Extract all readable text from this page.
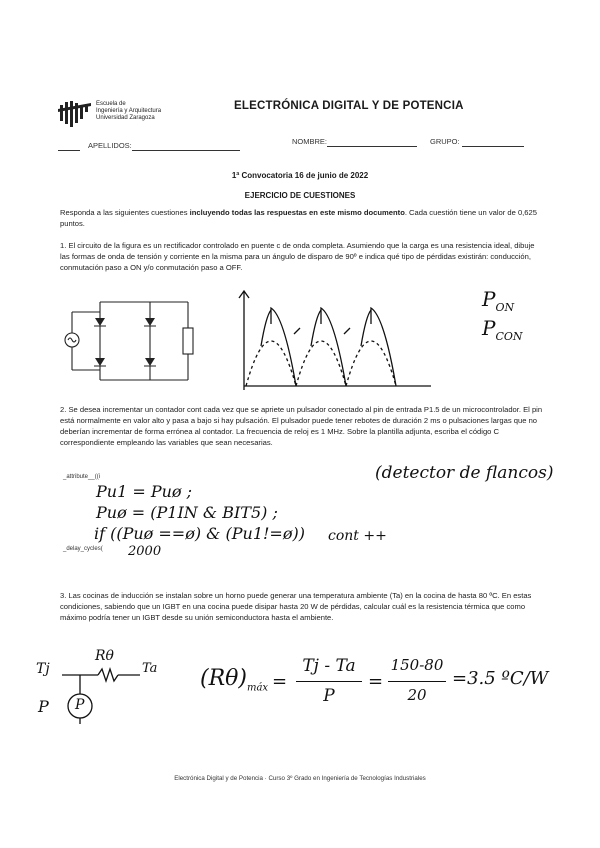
Escuela de
Ingeniería y Arquitectura
Universidad Zaragoza
ELECTRÓNICA DIGITAL Y DE POTENCIA
APELLIDOS:	NOMBRE:	GRUPO:
1ª Convocatoria 16 de junio de 2022
EJERCICIO DE CUESTIONES
Responda a las siguientes cuestiones incluyendo todas las respuestas en este mismo documento. Cada cuestión tiene un valor de 0,625 puntos.
1. El circuito de la figura es un rectificador controlado en puente c de onda completa. Asumiendo que la carga es una resistencia ideal, dibuje las formas de onda de tensión y corriente en la misma para un ángulo de disparo de 90º e indica qué tipo de pérdidas existirán: conducción, conmutación paso a ON y/o conmutación paso a OFF.
$P_{ON}$
$P_{CON}$
2. Se desea incrementar un contador cont cada vez que se apriete un pulsador conectado al pin de entrada P1.5 de un microcontrolador. El pin está normalmente en valor alto y pasa a bajo si hay pulsación. El pulsador puede tener rebotes de duración 2 ms o pulsaciones largas que no deberían incrementar de forma errónea al contador. La frecuencia de reloj es 1 MHz. Sobre la plantilla adjunta, escriba el código C correspondiente empleando las variables que sean necesarias.
(detector de flancos)
_attribute__((i
Pu1 = Puø ;
Puø = (P1IN & BIT5) ;
if ((Puø ==ø) & (Pu1!=ø)) cont ++
_delay_cycles( 2000
3. Las cocinas de inducción se instalan sobre un horno puede generar una temperatura ambiente (Ta) en la cocina de hasta 80 ºC. En estas condiciones, sabiendo que un IGBT en una cocina puede disipar hasta 20 W de pérdidas, calcular cuál es la resistencia térmica que como máximo podría tener un IGBT desde su unión semiconductora hasta el ambiente.
Tj
Rθ
Ta
P P
$(R\theta)_{máx}$ =
Tj - Ta
P
=
150-80
20
=3.5 ºC/W
Electrónica Digital y de Potencia · Curso 3º Grado en Ingeniería de Tecnologías Industriales
